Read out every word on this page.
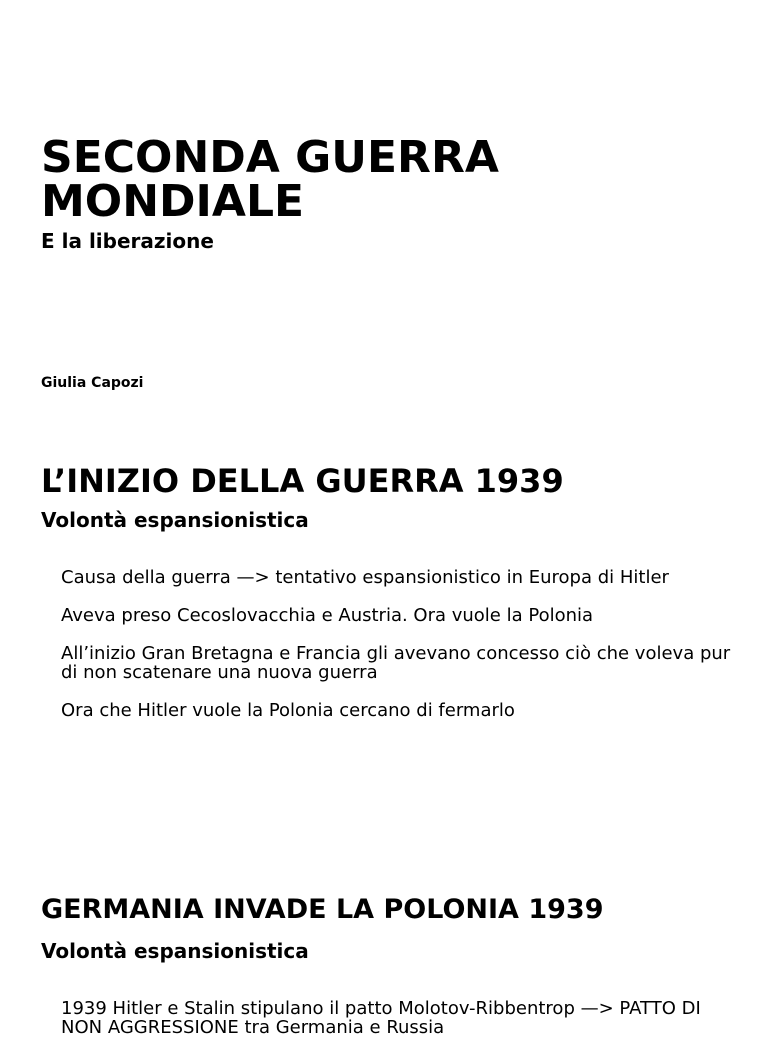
SECONDA GUERRA MONDIALE
E la liberazione

Giulia Capozi

L’INIZIO DELLA GUERRA 1939
Volontà espansionistica
Causa della guerra —> tentativo espansionistico in Europa di Hitler
Aveva preso Cecoslovacchia e Austria. Ora vuole la Polonia
All’inizio Gran Bretagna e Francia gli avevano concesso ciò che voleva pur di non scatenare una nuova guerra
Ora che Hitler vuole la Polonia cercano di fermarlo
GERMANIA INVADE LA POLONIA 1939
Volontà espansionistica
1939 Hitler e Stalin stipulano il patto Molotov-Ribbentrop —> PATTO DI NON AGGRESSIONE tra Germania e Russia
